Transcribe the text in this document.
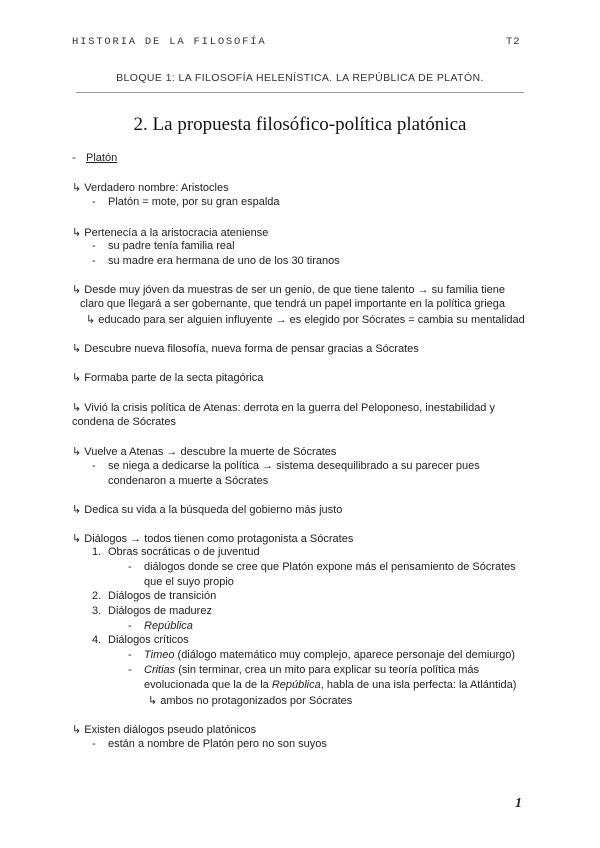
HISTORIA DE LA FILOSOFÍA	T2
BLOQUE 1: LA FILOSOFÍA HELENÍSTICA. LA REPÚBLICA DE PLATÓN.
2. La propuesta filosófico-política platónica
- Platón
↳ Verdadero nombre: Aristocles
- Platón = mote, por su gran espalda
↳ Pertenecía a la aristocracia ateniense
- su padre tenía familia real
- su madre era hermana de uno de los 30 tiranos
↳ Desde muy jóven da muestras de ser un genio, de que tiene talento → su familia tiene
claro que llegará a ser gobernante, que tendrá un papel importante en la política griega
↳ educado para ser alguien influyente → es elegido por Sócrates = cambia su mentalidad
↳ Descubre nueva filosofía, nueva forma de pensar gracias a Sócrates
↳ Formaba parte de la secta pitagórica
↳ Vivió la crisis política de Atenas: derrota en la guerra del Peloponeso, inestabilidad y
condena de Sócrates
↳ Vuelve a Atenas → descubre la muerte de Sócrates
- se niega a dedicarse la política → sistema desequilibrado a su parecer pues
condenaron a muerte a Sócrates
↳ Dedica su vida a la búsqueda del gobierno más justo
↳ Diálogos → todos tienen como protagonista a Sócrates
1. Obras socráticas o de juventud
- diálogos donde se cree que Platón expone más el pensamiento de Sócrates
que el suyo propio
2. Diálogos de transición
3. Diálogos de madurez
- República
4. Diálogos críticos
- Timeo (diálogo matemático muy complejo, aparece personaje del demiurgo)
- Critias (sin terminar, crea un mito para explicar su teoría política más
evolucionada que la de la República, habla de una isla perfecta: la Atlántida)
↳ ambos no protagonizados por Sócrates
↳ Existen diálogos pseudo platónicos
- están a nombre de Platón pero no son suyos
1
